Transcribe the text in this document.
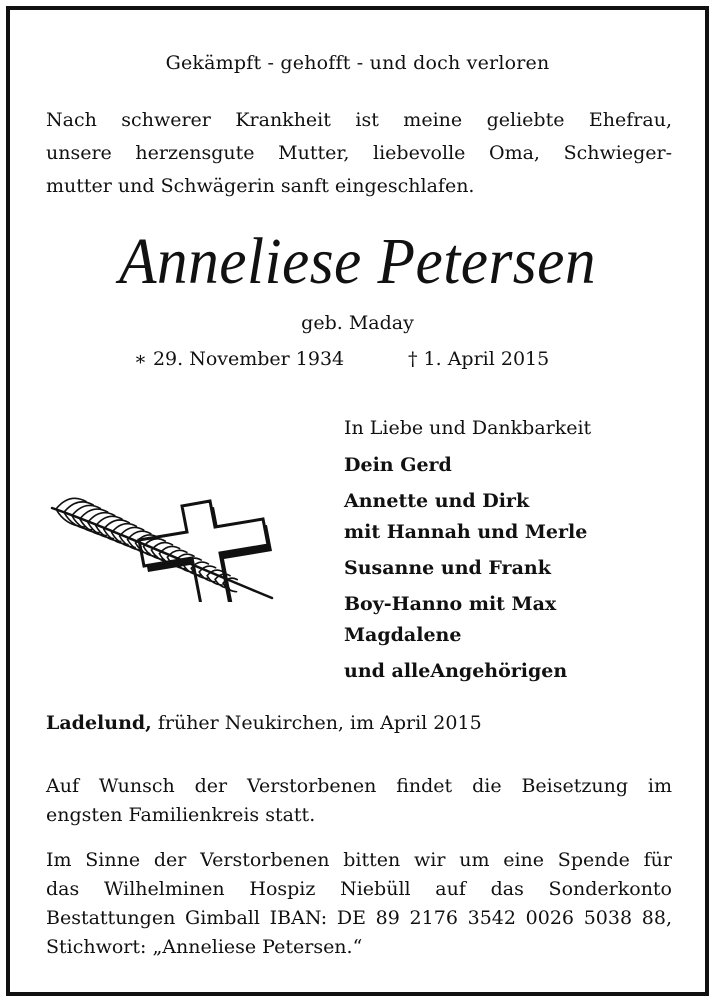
Gekämpft - gehofft - und doch verloren
Nach schwerer Krankheit ist meine geliebte Ehefrau,
unsere herzensgute Mutter, liebevolle Oma, Schwieger-
mutter und Schwägerin sanft eingeschlafen.
Anneliese Petersen
geb. Maday
∗ 29. November 1934	† 1. April 2015
In Liebe und Dankbarkeit
Dein Gerd
Annette und Dirk
mit Hannah und Merle
Susanne und Frank
Boy-Hanno mit Max
Magdalene
und alleAngehörigen
Ladelund, früher Neukirchen, im April 2015
Auf Wunsch der Verstorbenen findet die Beisetzung im
engsten Familienkreis statt.
Im Sinne der Verstorbenen bitten wir um eine Spende für
das Wilhelminen Hospiz Niebüll auf das Sonderkonto
Bestattungen Gimball IBAN: DE 89 2176 3542 0026 5038 88,
Stichwort: „Anneliese Petersen.“
